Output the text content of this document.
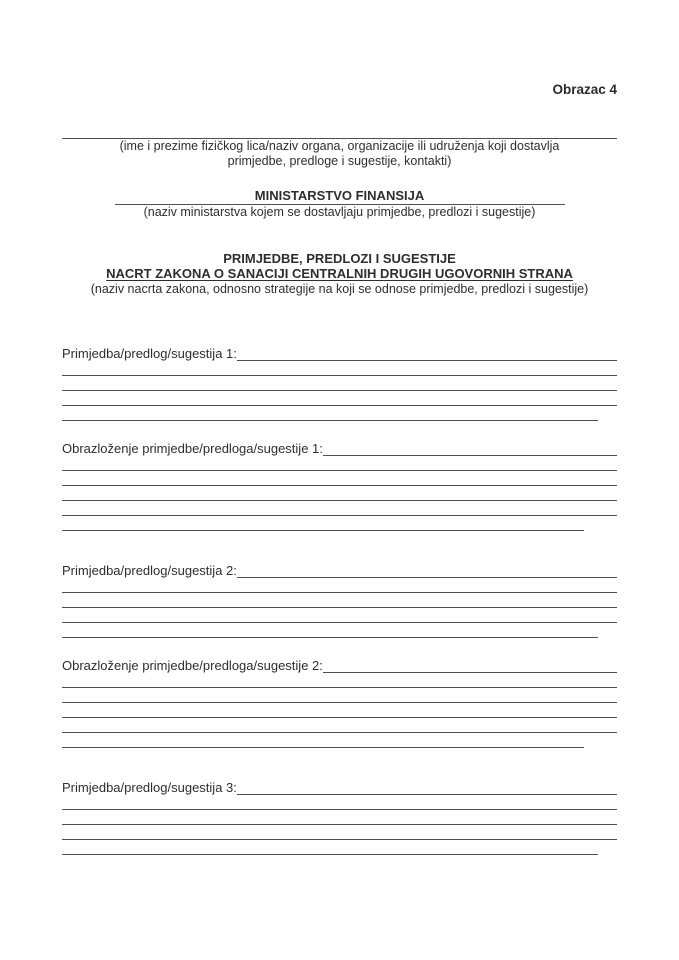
Obrazac 4
(ime i prezime fizičkog lica/naziv organa, organizacije ili udruženja koji dostavlja
primjedbe, predloge i sugestije, kontakti)
MINISTARSTVO FINANSIJA
(naziv ministarstva kojem se dostavljaju primjedbe, predlozi i sugestije)
PRIMJEDBE, PREDLOZI I SUGESTIJE
NACRT ZAKONA O SANACIJI CENTRALNIH DRUGIH UGOVORNIH STRANA
(naziv nacrta zakona, odnosno strategije na koji se odnose primjedbe, predlozi i sugestije)
Primjedba/predlog/sugestija 1:
Obrazloženje primjedbe/predloga/sugestije 1:
Primjedba/predlog/sugestija 2:
Obrazloženje primjedbe/predloga/sugestije 2:
Primjedba/predlog/sugestija 3:
